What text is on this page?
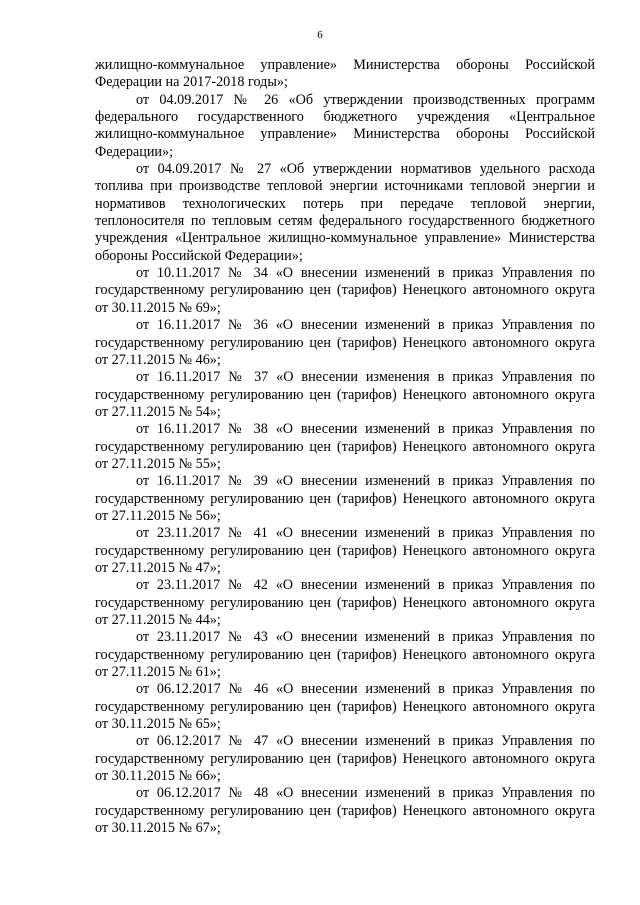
6

жилищно-коммунальное управление» Министерства обороны Российской Федерации на 2017-2018 годы»;

от 04.09.2017 № 26 «Об утверждении производственных программ федерального государственного бюджетного учреждения «Центральное жилищно-коммунальное управление» Министерства обороны Российской Федерации»;

от 04.09.2017 № 27 «Об утверждении нормативов удельного расхода топлива при производстве тепловой энергии источниками тепловой энергии и нормативов технологических потерь при передаче тепловой энергии, теплоносителя по тепловым сетям федерального государственного бюджетного учреждения «Центральное жилищно-коммунальное управление» Министерства обороны Российской Федерации»;

от 10.11.2017 № 34 «О внесении изменений в приказ Управления по государственному регулированию цен (тарифов) Ненецкого автономного округа от 30.11.2015 № 69»;

от 16.11.2017 № 36 «О внесении изменений в приказ Управления по государственному регулированию цен (тарифов) Ненецкого автономного округа от 27.11.2015 № 46»;

от 16.11.2017 № 37 «О внесении изменения в приказ Управления по государственному регулированию цен (тарифов) Ненецкого автономного округа от 27.11.2015 № 54»;

от 16.11.2017 № 38 «О внесении изменений в приказ Управления по государственному регулированию цен (тарифов) Ненецкого автономного округа от 27.11.2015 № 55»;

от 16.11.2017 № 39 «О внесении изменений в приказ Управления по государственному регулированию цен (тарифов) Ненецкого автономного округа от 27.11.2015 № 56»;

от 23.11.2017 № 41 «О внесении изменений в приказ Управления по государственному регулированию цен (тарифов) Ненецкого автономного округа от 27.11.2015 № 47»;

от 23.11.2017 № 42 «О внесении изменений в приказ Управления по государственному регулированию цен (тарифов) Ненецкого автономного округа от 27.11.2015 № 44»;

от 23.11.2017 № 43 «О внесении изменений в приказ Управления по государственному регулированию цен (тарифов) Ненецкого автономного округа от 27.11.2015 № 61»;

от 06.12.2017 № 46 «О внесении изменений в приказ Управления по государственному регулированию цен (тарифов) Ненецкого автономного округа от 30.11.2015 № 65»;

от 06.12.2017 № 47 «О внесении изменений в приказ Управления по государственному регулированию цен (тарифов) Ненецкого автономного округа от 30.11.2015 № 66»;

от 06.12.2017 № 48 «О внесении изменений в приказ Управления по государственному регулированию цен (тарифов) Ненецкого автономного округа от 30.11.2015 № 67»;
